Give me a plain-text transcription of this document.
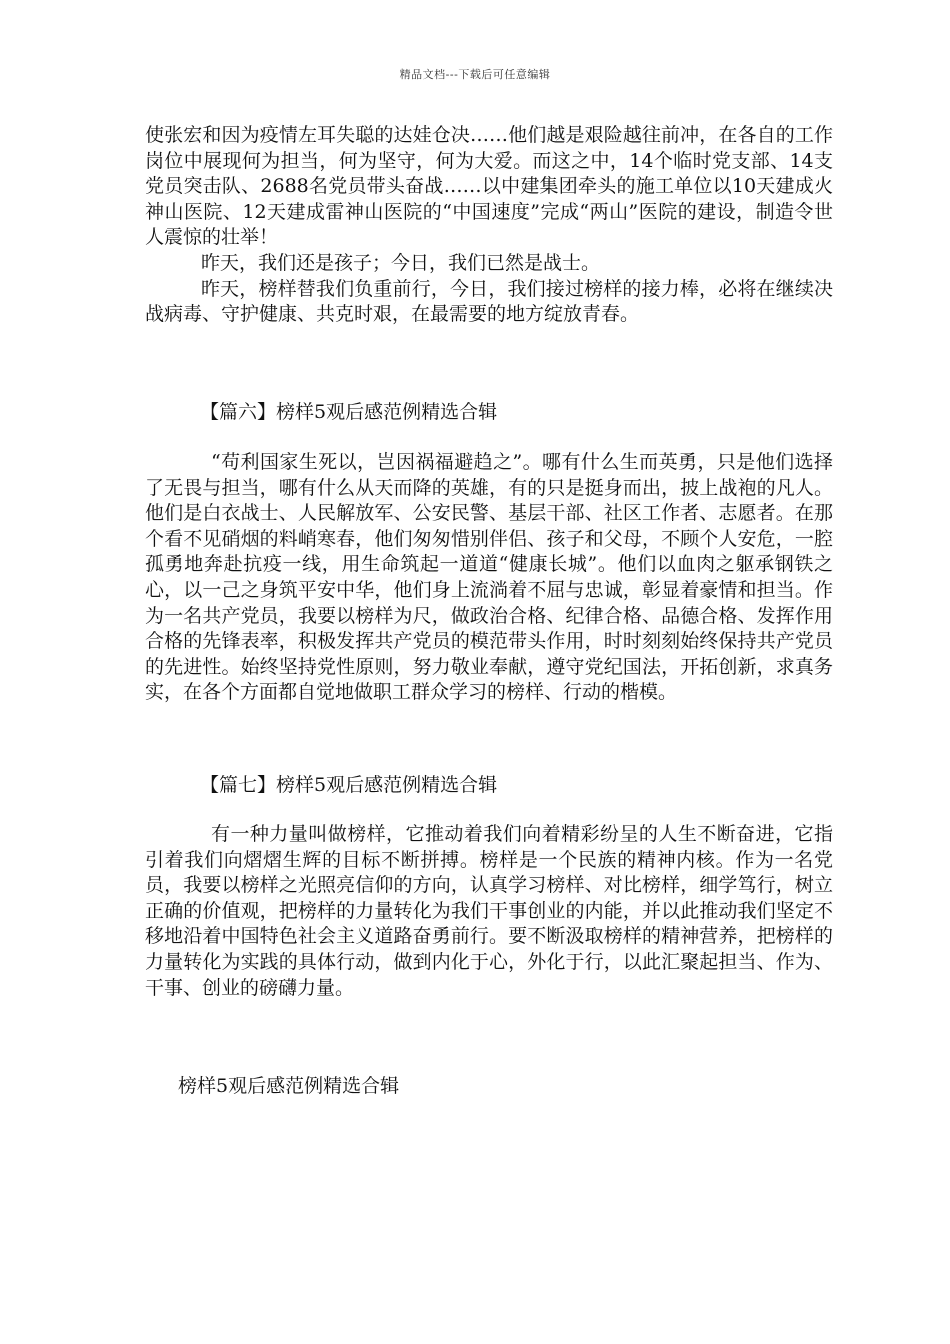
精品文档---下载后可任意编辑

使张宏和因为疫情左耳失聪的达娃仓决……他们越是艰险越往前冲，在各自的工作岗位中展现何为担当，何为坚守，何为大爱。而这之中，14个临时党支部、14支党员突击队、2688名党员带头奋战……以中建集团牵头的施工单位以10天建成火神山医院、12天建成雷神山医院的“中国速度”完成“两山”医院的建设，制造令世人震惊的壮举！

昨天，我们还是孩子；今日，我们已然是战士。

昨天，榜样替我们负重前行，今日，我们接过榜样的接力棒，必将在继续决战病毒、守护健康、共克时艰，在最需要的地方绽放青春。

【篇六】榜样5观后感范例精选合辑

“苟利国家生死以，岂因祸福避趋之”。哪有什么生而英勇，只是他们选择了无畏与担当，哪有什么从天而降的英雄，有的只是挺身而出，披上战袍的凡人。他们是白衣战士、人民解放军、公安民警、基层干部、社区工作者、志愿者。在那个看不见硝烟的料峭寒春，他们匆匆惜别伴侣、孩子和父母，不顾个人安危，一腔孤勇地奔赴抗疫一线，用生命筑起一道道“健康长城”。他们以血肉之躯承钢铁之心，以一己之身筑平安中华，他们身上流淌着不屈与忠诚，彰显着豪情和担当。作为一名共产党员，我要以榜样为尺，做政治合格、纪律合格、品德合格、发挥作用合格的先锋表率，积极发挥共产党员的模范带头作用，时时刻刻始终保持共产党员的先进性。始终坚持党性原则，努力敬业奉献，遵守党纪国法，开拓创新，求真务实，在各个方面都自觉地做职工群众学习的榜样、行动的楷模。

【篇七】榜样5观后感范例精选合辑

有一种力量叫做榜样，它推动着我们向着精彩纷呈的人生不断奋进，它指引着我们向熠熠生辉的目标不断拼搏。榜样是一个民族的精神内核。作为一名党员，我要以榜样之光照亮信仰的方向，认真学习榜样、对比榜样，细学笃行，树立正确的价值观，把榜样的力量转化为我们干事创业的内能，并以此推动我们坚定不移地沿着中国特色社会主义道路奋勇前行。要不断汲取榜样的精神营养，把榜样的力量转化为实践的具体行动，做到内化于心，外化于行，以此汇聚起担当、作为、干事、创业的磅礴力量。

榜样5观后感范例精选合辑
